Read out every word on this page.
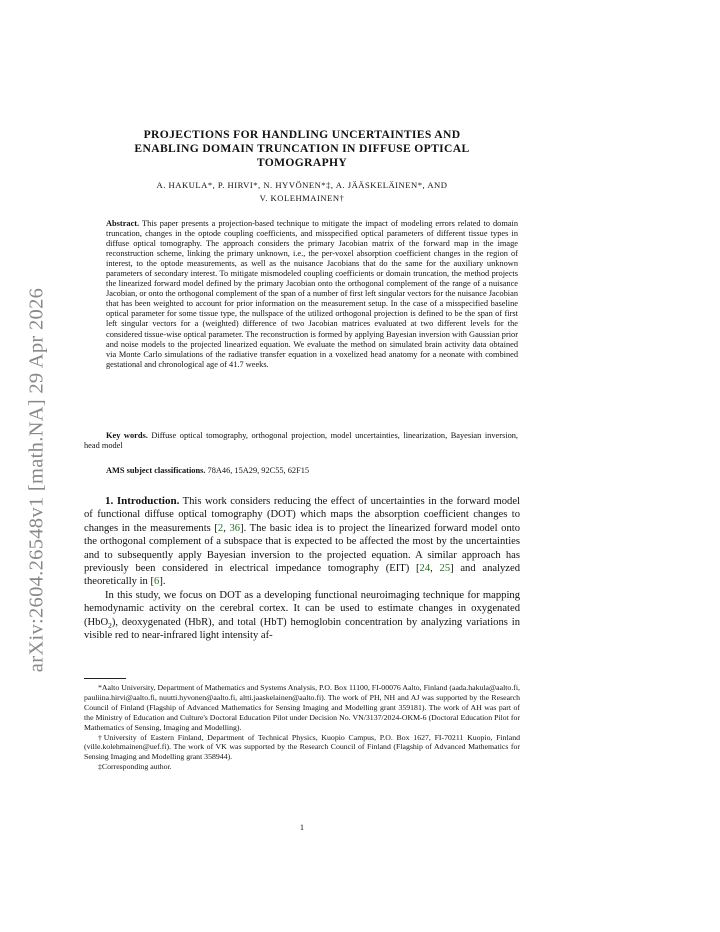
arXiv:2604.26548v1 [math.NA] 29 Apr 2026
PROJECTIONS FOR HANDLING UNCERTAINTIES AND
ENABLING DOMAIN TRUNCATION IN DIFFUSE OPTICAL
TOMOGRAPHY
A. HAKULA*, P. HIRVI*, N. HYVÖNEN*‡, A. JÄÄSKELÄINEN*, AND
V. KOLEHMAINEN†
Abstract. This paper presents a projection-based technique to mitigate the impact of modeling errors related to domain truncation, changes in the optode coupling coefficients, and misspecified optical parameters of different tissue types in diffuse optical tomography. The approach considers the primary Jacobian matrix of the forward map in the image reconstruction scheme, linking the primary unknown, i.e., the per-voxel absorption coefficient changes in the region of interest, to the optode measurements, as well as the nuisance Jacobians that do the same for the auxiliary unknown parameters of secondary interest. To mitigate mismodeled coupling coefficients or domain truncation, the method projects the linearized forward model defined by the primary Jacobian onto the orthogonal complement of the range of a nuisance Jacobian, or onto the orthogonal complement of the span of a number of first left singular vectors for the nuisance Jacobian that has been weighted to account for prior information on the measurement setup. In the case of a misspecified baseline optical parameter for some tissue type, the nullspace of the utilized orthogonal projection is defined to be the span of first left singular vectors for a (weighted) difference of two Jacobian matrices evaluated at two different levels for the considered tissue-wise optical parameter. The reconstruction is formed by applying Bayesian inversion with Gaussian prior and noise models to the projected linearized equation. We evaluate the method on simulated brain activity data obtained via Monte Carlo simulations of the radiative transfer equation in a voxelized head anatomy for a neonate with combined gestational and chronological age of 41.7 weeks.
Key words. Diffuse optical tomography, orthogonal projection, model uncertainties, linearization, Bayesian inversion, head model
AMS subject classifications. 78A46, 15A29, 92C55, 62F15

1. Introduction. This work considers reducing the effect of uncertainties in the forward model of functional diffuse optical tomography (DOT) which maps the absorption coefficient changes to changes in the measurements [2, 36]. The basic idea is to project the linearized forward model onto the orthogonal complement of a subspace that is expected to be affected the most by the uncertainties and to subsequently apply Bayesian inversion to the projected equation. A similar approach has previously been considered in electrical impedance tomography (EIT) [24, 25] and analyzed theoretically in [6].

In this study, we focus on DOT as a developing functional neuroimaging technique for mapping hemodynamic activity on the cerebral cortex. It can be used to estimate changes in oxygenated (HbO$_2$), deoxygenated (HbR), and total (HbT) hemoglobin concentration by analyzing variations in visible red to near-infrared light intensity af-

*Aalto University, Department of Mathematics and Systems Analysis, P.O. Box 11100, FI-00076 Aalto, Finland (aada.hakula@aalto.fi, pauliina.hirvi@aalto.fi, nuutti.hyvonen@aalto.fi, altti.jaaskelainen@aalto.fi). The work of PH, NH and AJ was supported by the Research Council of Finland (Flagship of Advanced Mathematics for Sensing Imaging and Modelling grant 359181). The work of AH was part of the Ministry of Education and Culture's Doctoral Education Pilot under Decision No. VN/3137/2024-OKM-6 (Doctoral Education Pilot for Mathematics of Sensing, Imaging and Modelling).

†University of Eastern Finland, Department of Technical Physics, Kuopio Campus, P.O. Box 1627, FI-70211 Kuopio, Finland (ville.kolehmainen@uef.fi). The work of VK was supported by the Research Council of Finland (Flagship of Advanced Mathematics for Sensing Imaging and Modelling grant 358944).

‡Corresponding author.

1
